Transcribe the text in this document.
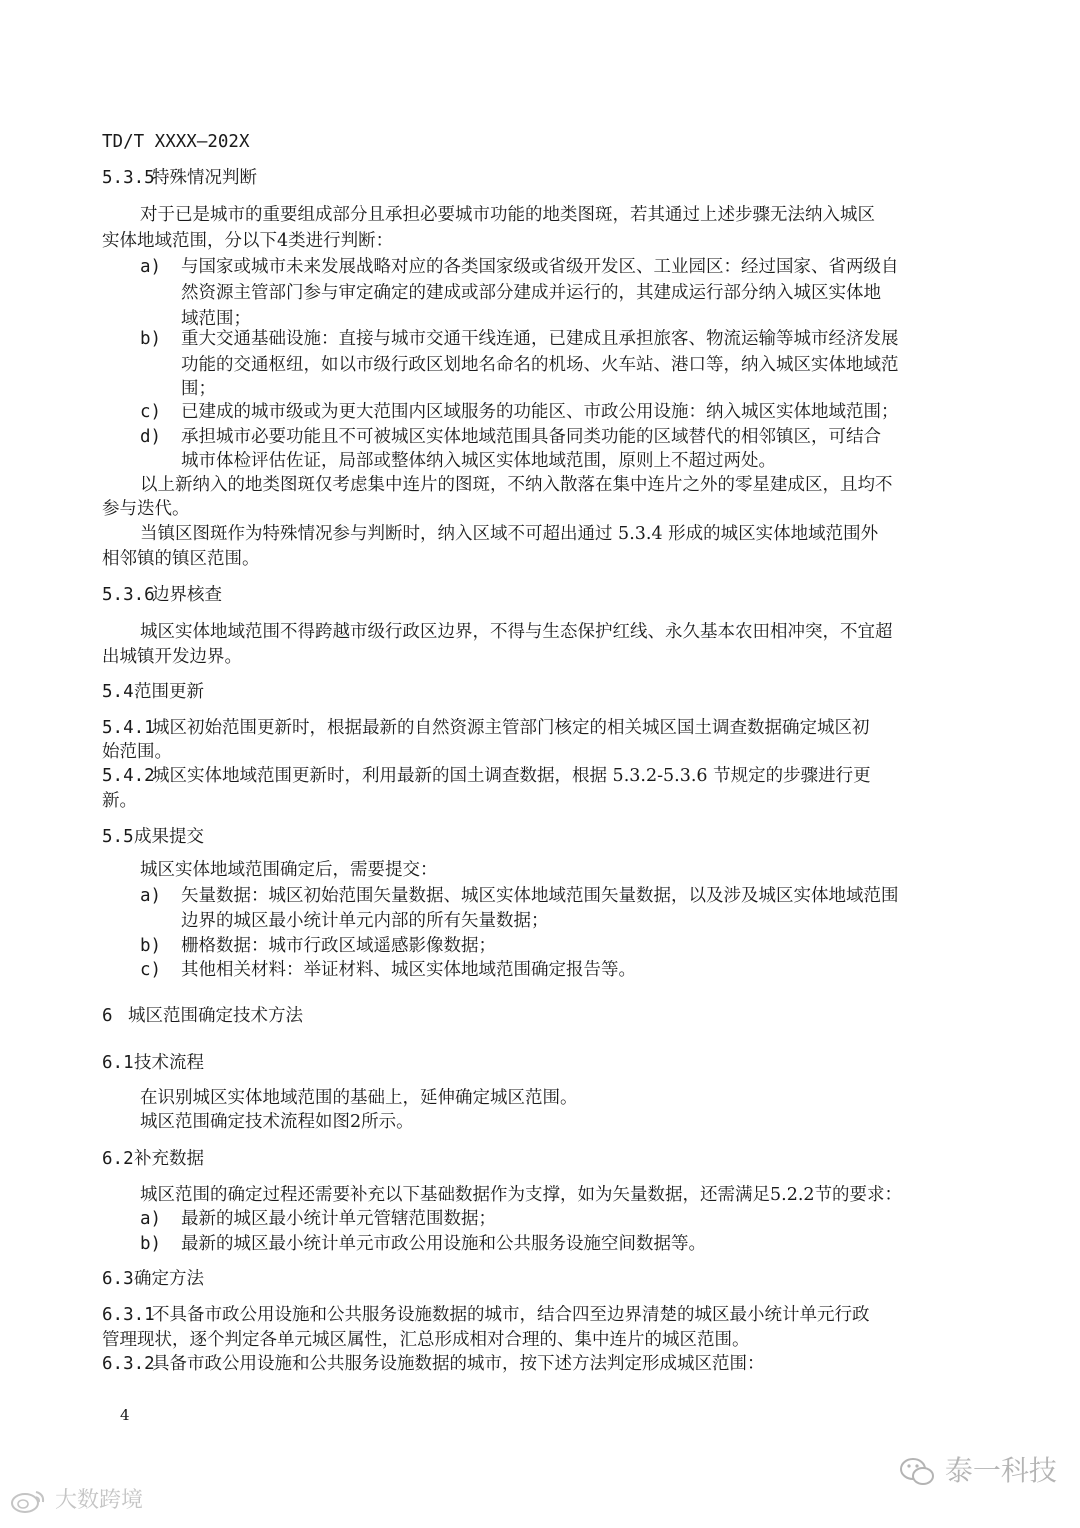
TD/T XXXX—202X
5.3.5特殊情况判断
对于已是城市的重要组成部分且承担必要城市功能的地类图斑，若其通过上述步骤无法纳入城区
实体地域范围，分以下4类进行判断：
a) 与国家或城市未来发展战略对应的各类国家级或省级开发区、工业园区：经过国家、省两级自
然资源主管部门参与审定确定的建成或部分建成并运行的，其建成运行部分纳入城区实体地
域范围；
b) 重大交通基础设施：直接与城市交通干线连通，已建成且承担旅客、物流运输等城市经济发展
功能的交通枢纽，如以市级行政区划地名命名的机场、火车站、港口等，纳入城区实体地域范
围；
c) 已建成的城市级或为更大范围内区域服务的功能区、市政公用设施：纳入城区实体地域范围；
d) 承担城市必要功能且不可被城区实体地域范围具备同类功能的区域替代的相邻镇区，可结合
城市体检评估佐证，局部或整体纳入城区实体地域范围，原则上不超过两处。
以上新纳入的地类图斑仅考虑集中连片的图斑，不纳入散落在集中连片之外的零星建成区，且均不
参与迭代。
当镇区图斑作为特殊情况参与判断时，纳入区域不可超出通过 5.3.4 形成的城区实体地域范围外
相邻镇的镇区范围。
5.3.6边界核查
城区实体地域范围不得跨越市级行政区边界，不得与生态保护红线、永久基本农田相冲突，不宜超
出城镇开发边界。
5.4范围更新
5.4.1城区初始范围更新时，根据最新的自然资源主管部门核定的相关城区国土调查数据确定城区初
始范围。
5.4.2城区实体地域范围更新时，利用最新的国土调查数据，根据 5.3.2-5.3.6 节规定的步骤进行更
新。
5.5成果提交
城区实体地域范围确定后，需要提交：
a) 矢量数据：城区初始范围矢量数据、城区实体地域范围矢量数据，以及涉及城区实体地域范围
边界的城区最小统计单元内部的所有矢量数据；
b) 栅格数据：城市行政区域遥感影像数据；
c) 其他相关材料：举证材料、城区实体地域范围确定报告等。
6 城区范围确定技术方法
6.1技术流程
在识别城区实体地域范围的基础上，延伸确定城区范围。
城区范围确定技术流程如图2所示。
6.2补充数据
城区范围的确定过程还需要补充以下基础数据作为支撑，如为矢量数据，还需满足5.2.2节的要求：
a) 最新的城区最小统计单元管辖范围数据；
b) 最新的城区最小统计单元市政公用设施和公共服务设施空间数据等。
6.3确定方法
6.3.1不具备市政公用设施和公共服务设施数据的城市，结合四至边界清楚的城区最小统计单元行政
管理现状，逐个判定各单元城区属性，汇总形成相对合理的、集中连片的城区范围。
6.3.2具备市政公用设施和公共服务设施数据的城市，按下述方法判定形成城区范围：
4
大数跨境
泰一科技
